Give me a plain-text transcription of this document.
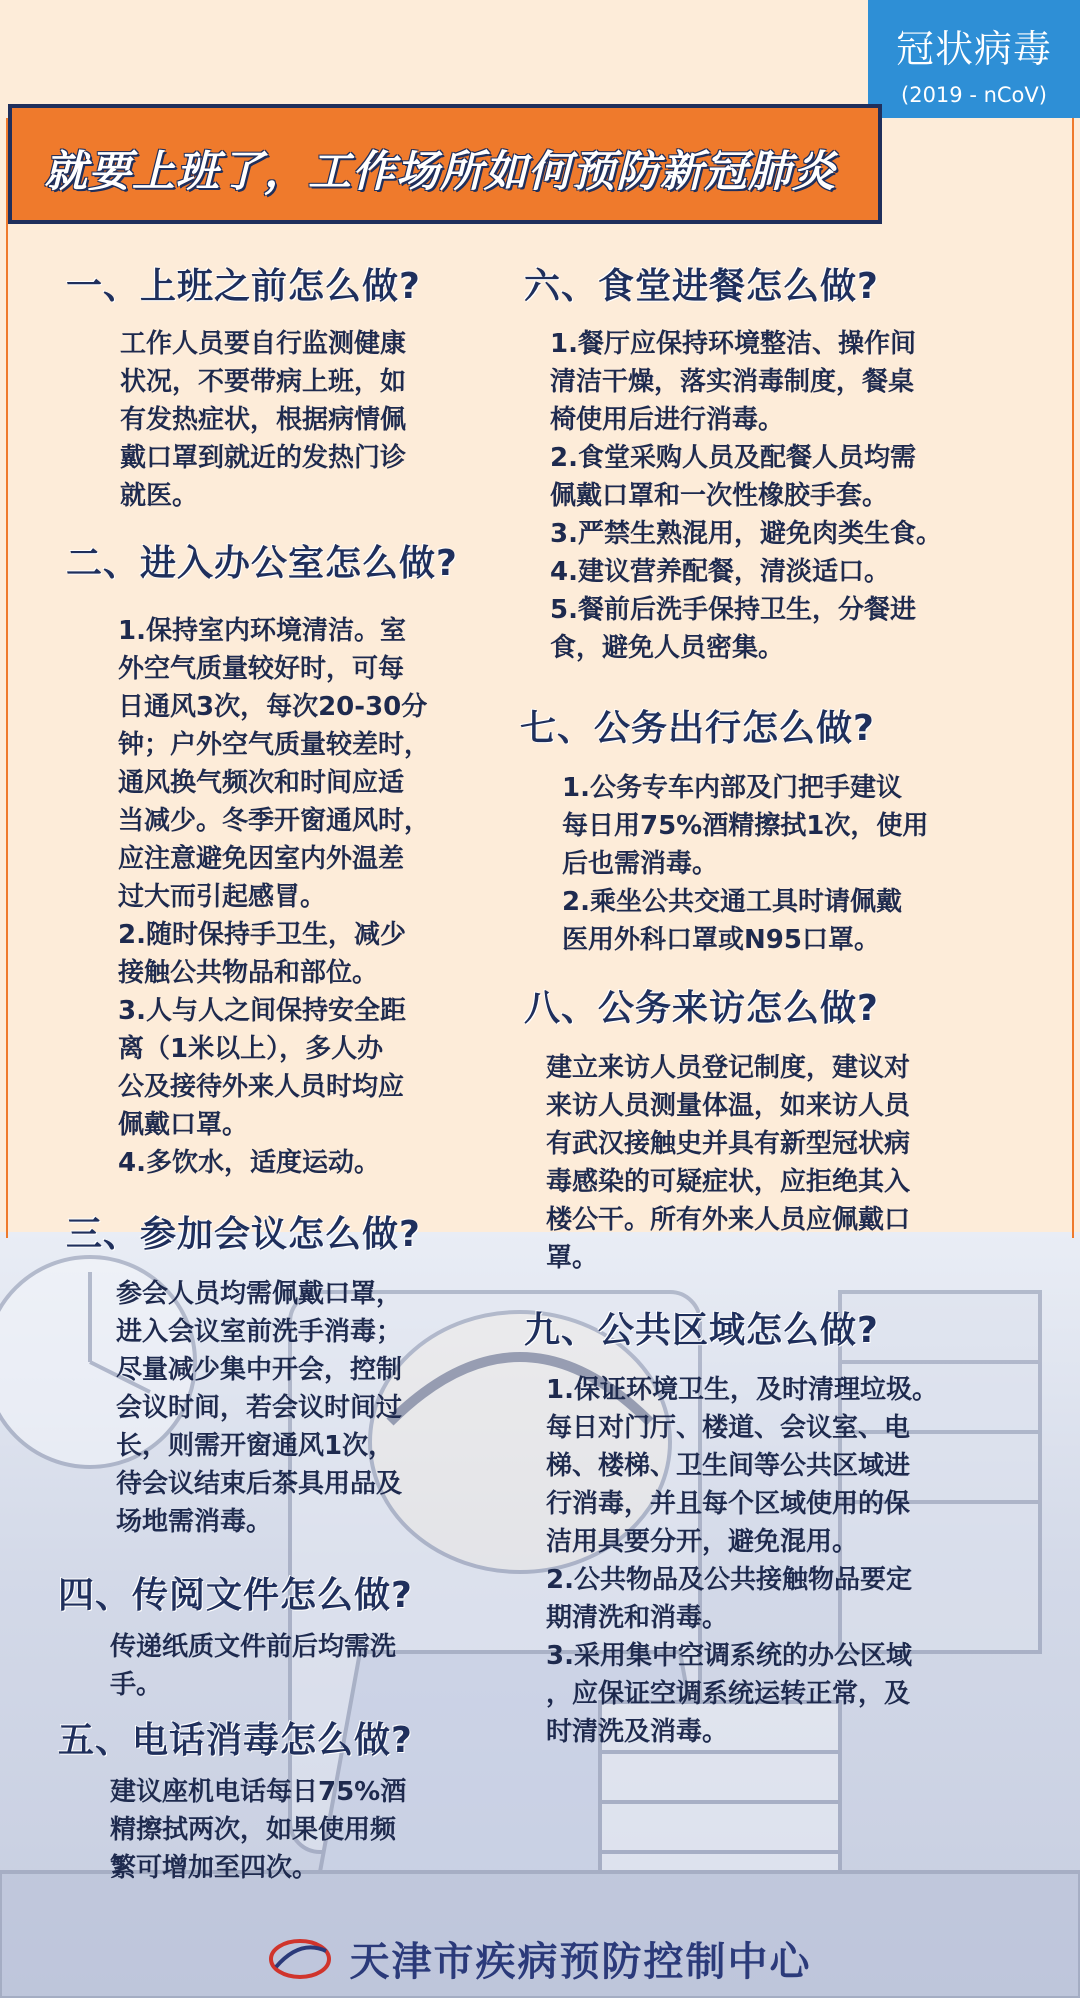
冠状病毒
(2019 - nCoV)
就要上班了，工作场所如何预防新冠肺炎
一、上班之前怎么做?

工作人员要自行监测健康

状况，不要带病上班，如

有发热症状，根据病情佩

戴口罩到就近的发热门诊

就医。

二、进入办公室怎么做?

1.保持室内环境清洁。室

外空气质量较好时，可每

日通风3次，每次20-30分

钟；户外空气质量较差时，

通风换气频次和时间应适

当减少。冬季开窗通风时，

应注意避免因室内外温差

过大而引起感冒。

2.随时保持手卫生，减少

接触公共物品和部位。

3.人与人之间保持安全距

离（1米以上），多人办

公及接待外来人员时均应

佩戴口罩。

4.多饮水，适度运动。

三、参加会议怎么做?

参会人员均需佩戴口罩，

进入会议室前洗手消毒；

尽量减少集中开会，控制

会议时间，若会议时间过

长，则需开窗通风1次，

待会议结束后茶具用品及

场地需消毒。

四、传阅文件怎么做?

传递纸质文件前后均需洗

手。

五、电话消毒怎么做?

建议座机电话每日75%酒

精擦拭两次，如果使用频

繁可增加至四次。

六、食堂进餐怎么做?

1.餐厅应保持环境整洁、操作间

清洁干燥，落实消毒制度，餐桌

椅使用后进行消毒。

2.食堂采购人员及配餐人员均需

佩戴口罩和一次性橡胶手套。

3.严禁生熟混用，避免肉类生食。

4.建议营养配餐，清淡适口。

5.餐前后洗手保持卫生，分餐进

食，避免人员密集。

七、公务出行怎么做?

1.公务专车内部及门把手建议

每日用75%酒精擦拭1次，使用

后也需消毒。

2.乘坐公共交通工具时请佩戴

医用外科口罩或N95口罩。

八、公务来访怎么做?

建立来访人员登记制度，建议对

来访人员测量体温，如来访人员

有武汉接触史并具有新型冠状病

毒感染的可疑症状，应拒绝其入

楼公干。所有外来人员应佩戴口

罩。

九、公共区域怎么做?

1.保证环境卫生，及时清理垃圾。

每日对门厅、楼道、会议室、电

梯、楼梯、卫生间等公共区域进

行消毒，并且每个区域使用的保

洁用具要分开，避免混用。

2.公共物品及公共接触物品要定

期清洗和消毒。

3.采用集中空调系统的办公区域

，应保证空调系统运转正常，及

时清洗及消毒。

天津市疾病预防控制中心
